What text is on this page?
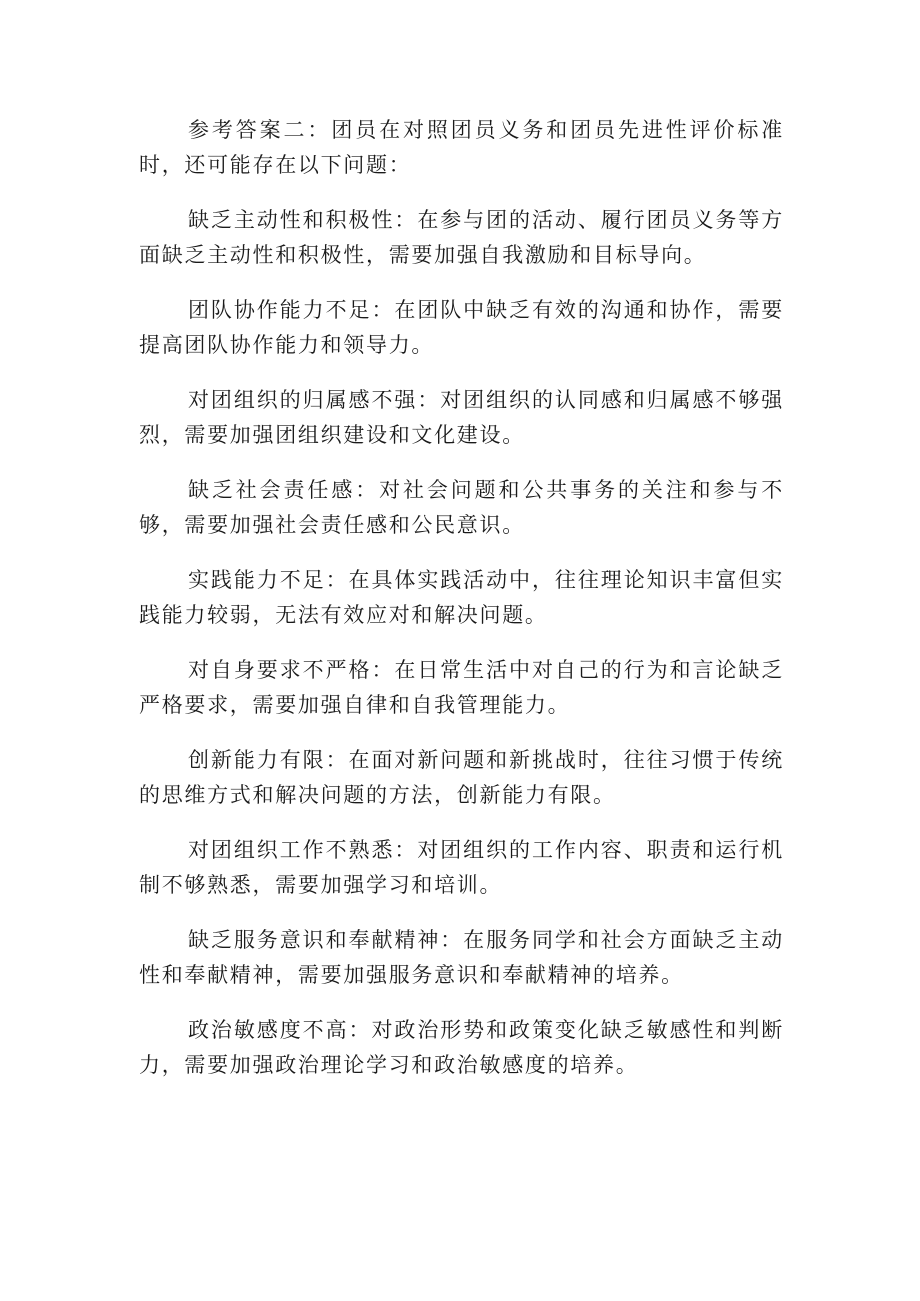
参考答案二：团员在对照团员义务和团员先进性评价标准时，还可能存在以下问题：

缺乏主动性和积极性：在参与团的活动、履行团员义务等方面缺乏主动性和积极性，需要加强自我激励和目标导向。

团队协作能力不足：在团队中缺乏有效的沟通和协作，需要提高团队协作能力和领导力。

对团组织的归属感不强：对团组织的认同感和归属感不够强烈，需要加强团组织建设和文化建设。

缺乏社会责任感：对社会问题和公共事务的关注和参与不够，需要加强社会责任感和公民意识。

实践能力不足：在具体实践活动中，往往理论知识丰富但实践能力较弱，无法有效应对和解决问题。

对自身要求不严格：在日常生活中对自己的行为和言论缺乏严格要求，需要加强自律和自我管理能力。

创新能力有限：在面对新问题和新挑战时，往往习惯于传统的思维方式和解决问题的方法，创新能力有限。

对团组织工作不熟悉：对团组织的工作内容、职责和运行机制不够熟悉，需要加强学习和培训。

缺乏服务意识和奉献精神：在服务同学和社会方面缺乏主动性和奉献精神，需要加强服务意识和奉献精神的培养。

政治敏感度不高：对政治形势和政策变化缺乏敏感性和判断力，需要加强政治理论学习和政治敏感度的培养。
